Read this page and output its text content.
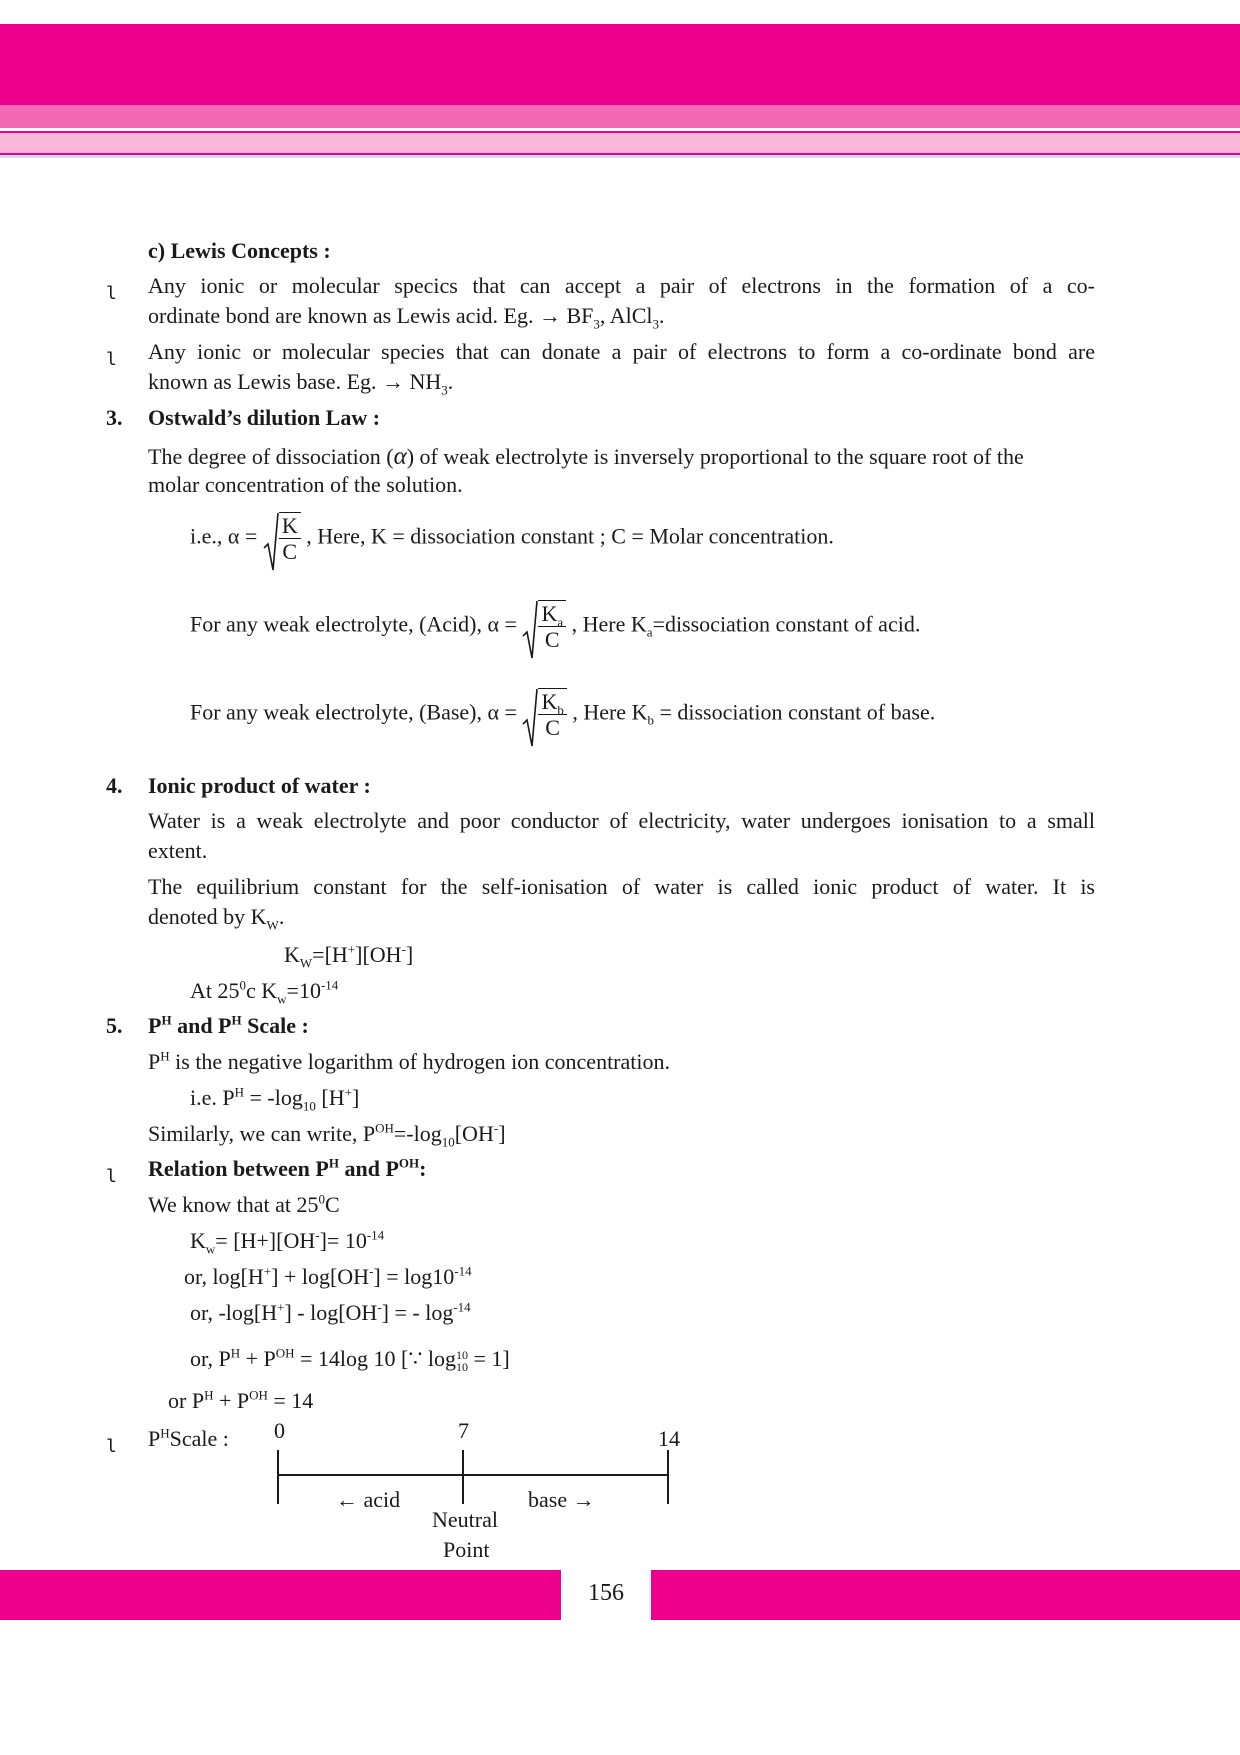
c) Lewis Concepts :
l Any ionic or molecular specics that can accept a pair of electrons in the formation of a co-
ordinate bond are known as Lewis acid. Eg. → $BF_3$, AlCl$_3$.
l Any ionic or molecular species that can donate a pair of electrons to form a co-ordinate bond are
known as Lewis base. Eg. → $NH_3$.
3. Ostwald’s dilution Law :
The degree of dissociation (α) of weak electrolyte is inversely proportional to the square root of the
molar concentration of the solution.
i.e., $\alpha = \frac{K}{C}$ , Here, K = dissociation constant ; C = Molar concentration.
For any weak electrolyte, (Acid), $\alpha = \frac{K_a}{C}$ , Here $K_a=dissociation$ constant of acid.
For any weak electrolyte, (Base), $\alpha = \frac{K_b}{C}$ , Here $K_b$ = dissociation constant of base.
4. Ionic product of water :
Water is a weak electrolyte and poor conductor of electricity, water undergoes ionisation to a small
extent.
The equilibrium constant for the self-ionisation of water is called ionic product of water. It is
denoted by $K_W$.
$K_W=[H^+][OH^-]$
At $25^0c$ $K_w=10^{-14}$
5. $P^H$ and $P^H$ Scale :
$P^H$ is the negative logarithm of hydrogen ion concentration.
i.e. $P^H = -\log_{10}$ [H+]
Similarly, we can write, $P^{OH}=-\log_{10}[OH^-]$
l Relation between $P^H$ and $P^{OH}$:
We know that at $25^0C$
$K_w= [H+][OH^-]= 10^{-14}$
or, $\log[H^+] + \log[OH^-] = \log 10^{-14}$
or, -log[H+] - log[OH-] = - $\log^{-14}$
or, $P^H + P^{OH} = 14\log$ 10 [∵ log 10
10 = 1]
or $P^H + P^{OH} = 14$
l $P^HScale$ : 0	7	14
← acid	base →
Neutral
Point
156
